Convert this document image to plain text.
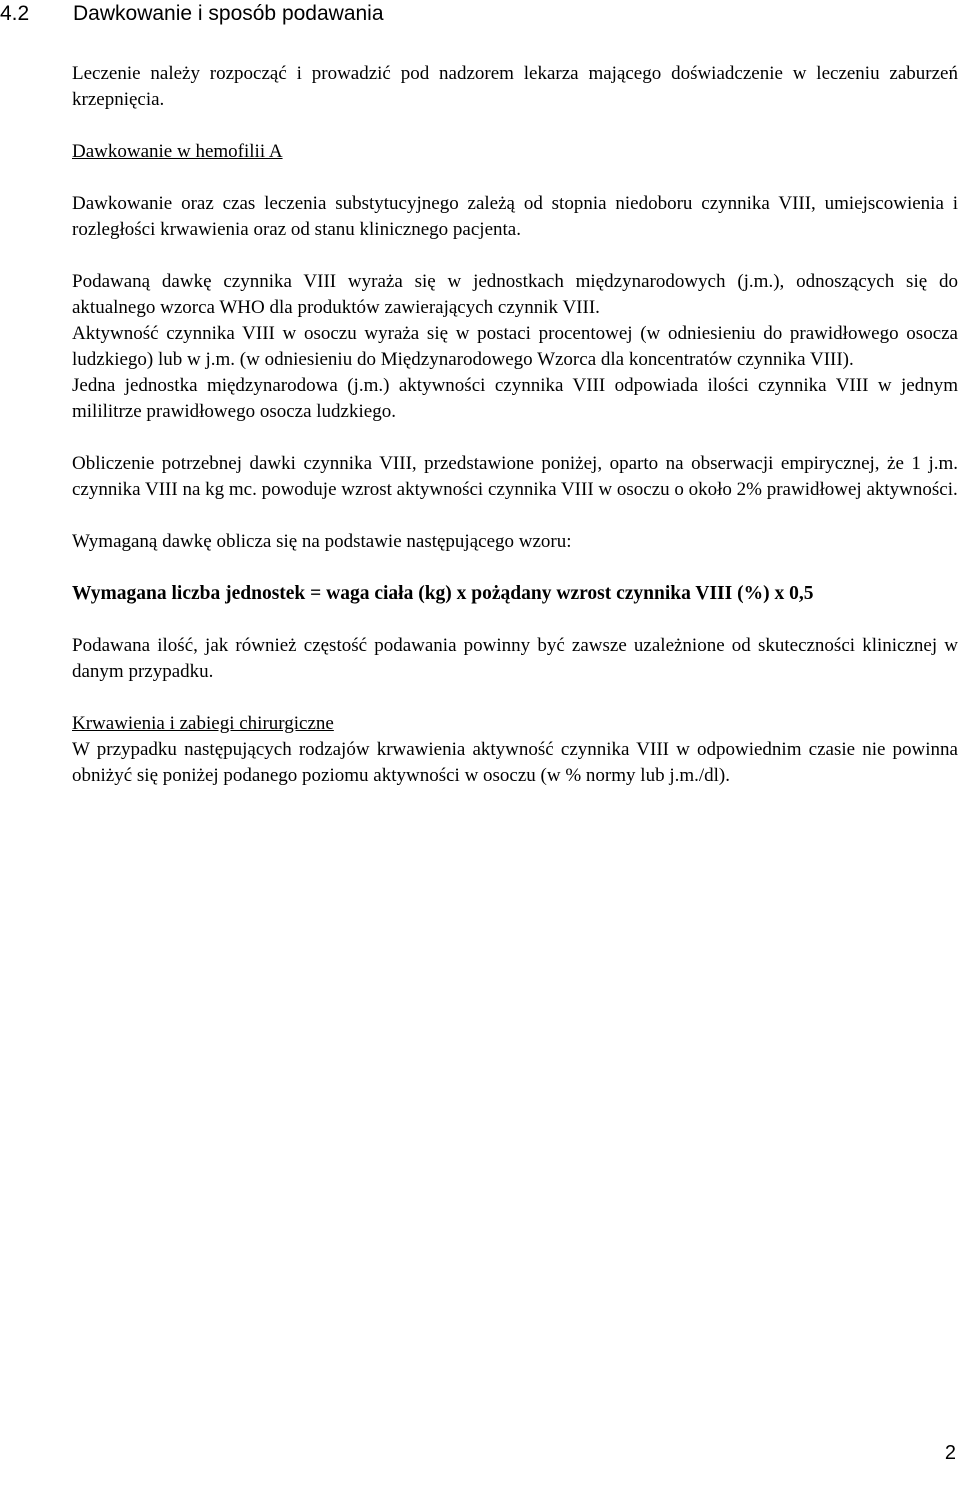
4.2 Dawkowanie i sposób podawania

Leczenie należy rozpocząć i prowadzić pod nadzorem lekarza mającego doświadczenie w leczeniu zaburzeń krzepnięcia.

Dawkowanie w hemofilii A

Dawkowanie oraz czas leczenia substytucyjnego zależą od stopnia niedoboru czynnika VIII, umiejscowienia i rozległości krwawienia oraz od stanu klinicznego pacjenta.

Podawaną dawkę czynnika VIII wyraża się w jednostkach międzynarodowych (j.m.), odnoszących się do aktualnego wzorca WHO dla produktów zawierających czynnik VIII.

Aktywność czynnika VIII w osoczu wyraża się w postaci procentowej (w odniesieniu do prawidłowego osocza ludzkiego) lub w j.m. (w odniesieniu do Międzynarodowego Wzorca dla koncentratów czynnika VIII).

Jedna jednostka międzynarodowa (j.m.) aktywności czynnika VIII odpowiada ilości czynnika VIII w jednym mililitrze prawidłowego osocza ludzkiego.

Obliczenie potrzebnej dawki czynnika VIII, przedstawione poniżej, oparto na obserwacji empirycznej, że 1 j.m. czynnika VIII na kg mc. powoduje wzrost aktywności czynnika VIII w osoczu o około 2% prawidłowej aktywności.

Wymaganą dawkę oblicza się na podstawie następującego wzoru:

Wymagana liczba jednostek = waga ciała (kg) x pożądany wzrost czynnika VIII (%) x 0,5

Podawana ilość, jak również częstość podawania powinny być zawsze uzależnione od skuteczności klinicznej w danym przypadku.

Krwawienia i zabiegi chirurgiczne

W przypadku następujących rodzajów krwawienia aktywność czynnika VIII w odpowiednim czasie nie powinna obniżyć się poniżej podanego poziomu aktywności w osoczu (w % normy lub j.m./dl).

2
